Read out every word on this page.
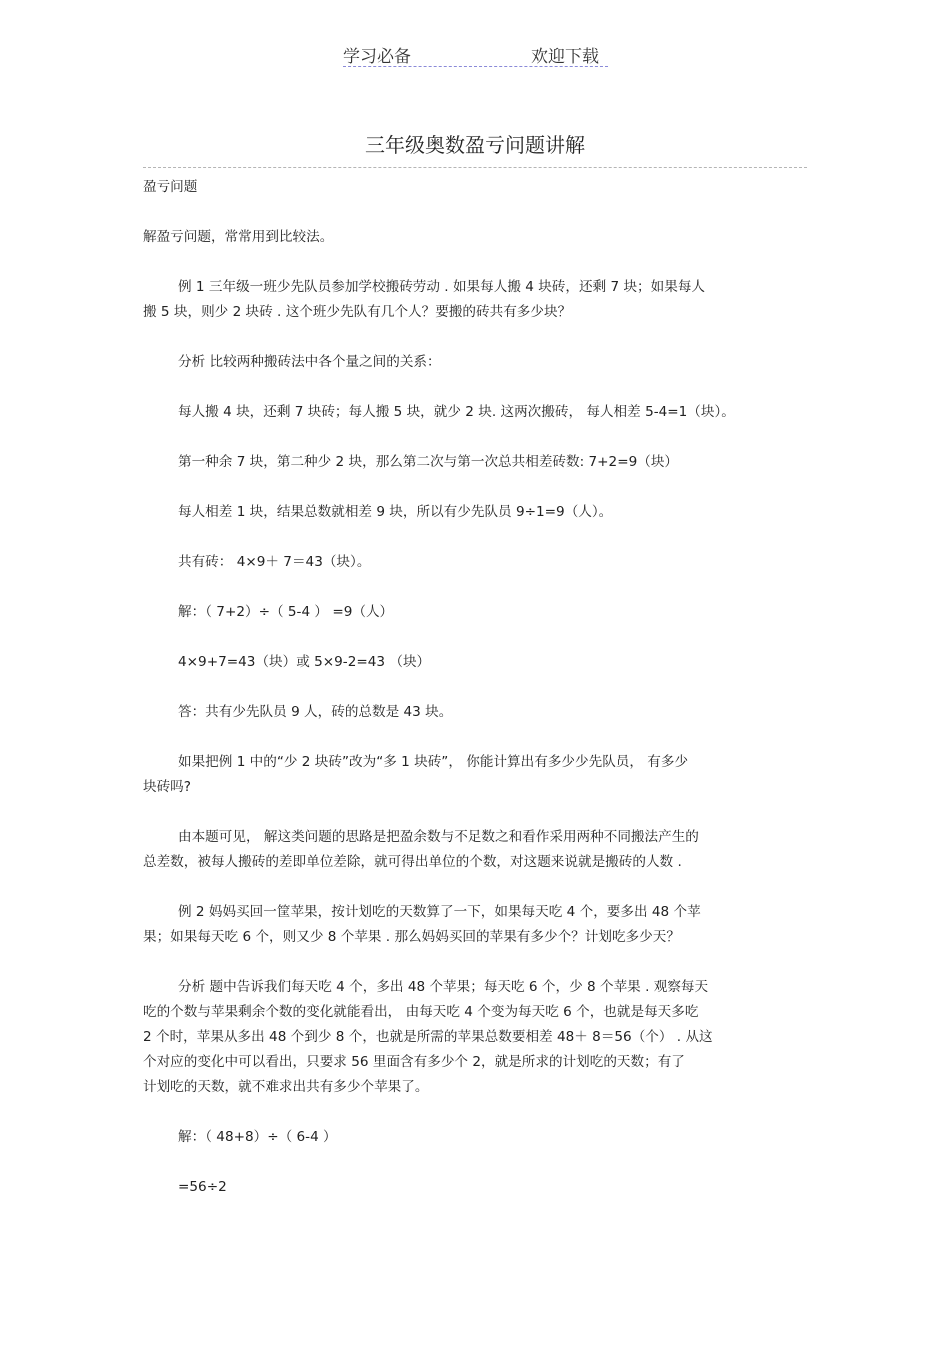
学习必备	欢迎下载
三年级奥数盈亏问题讲解

盈亏问题

解盈亏问题，常常用到比较法。

例 1 三年级一班少先队员参加学校搬砖劳动 . 如果每人搬 4 块砖，还剩 7 块；如果每人
搬 5 块，则少 2 块砖 . 这个班少先队有几个人？要搬的砖共有多少块？

分析 比较两种搬砖法中各个量之间的关系：

每人搬 4 块，还剩 7 块砖；每人搬 5 块，就少 2 块. 这两次搬砖， 每人相差 5-4=1（块）。

第一种余 7 块，第二种少 2 块，那么第二次与第一次总共相差砖数: 7+2=9（块）

每人相差 1 块，结果总数就相差 9 块，所以有少先队员 9÷1=9（人）。

共有砖： 4×9＋ 7＝43（块）。

解：（ 7+2）÷（ 5-4 ） =9（人）

4×9+7=43（块）或 5×9-2=43 （块）

答：共有少先队员 9 人，砖的总数是 43 块。

如果把例 1 中的“少 2 块砖”改为“多 1 块砖”， 你能计算出有多少少先队员， 有多少
块砖吗?

由本题可见， 解这类问题的思路是把盈余数与不足数之和看作采用两种不同搬法产生的
总差数，被每人搬砖的差即单位差除，就可得出单位的个数，对这题来说就是搬砖的人数 .

例 2 妈妈买回一筐苹果，按计划吃的天数算了一下，如果每天吃 4 个，要多出 48 个苹
果；如果每天吃 6 个，则又少 8 个苹果 . 那么妈妈买回的苹果有多少个？计划吃多少天？

分析 题中告诉我们每天吃 4 个，多出 48 个苹果；每天吃 6 个，少 8 个苹果 . 观察每天
吃的个数与苹果剩余个数的变化就能看出， 由每天吃 4 个变为每天吃 6 个，也就是每天多吃
2 个时，苹果从多出 48 个到少 8 个，也就是所需的苹果总数要相差 48＋ 8＝56（个） . 从这
个对应的变化中可以看出，只要求 56 里面含有多少个 2，就是所求的计划吃的天数；有了
计划吃的天数，就不难求出共有多少个苹果了。

解：（ 48+8）÷（ 6-4 ）

=56÷2
